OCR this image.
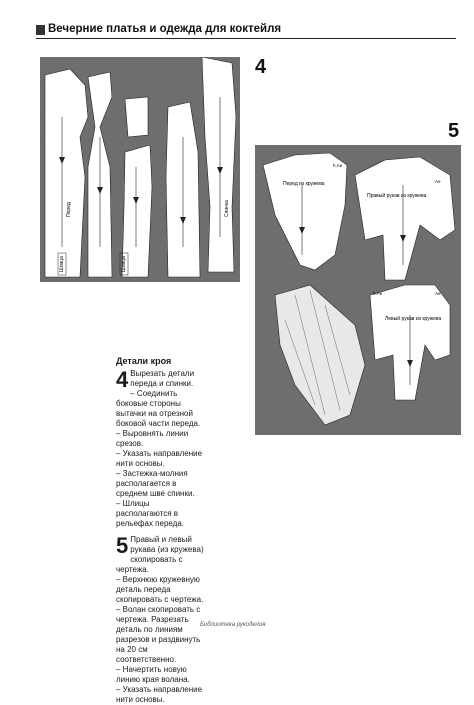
Вечерние платья и одежда для коктейля
4
5
Шлица	Шлица
Перед	Спинка
Перед из кружева
Правый рукав из кружева
Левый рукав из кружева
Ае
Ае
h.Ае
h.Ае
Детали кроя
4 Вырезать детали переда и спинки.

– Соединить боковые стороны вытачки на отрезной боковой части переда.

– Выровнять линии срезов.

– Указать направление нити основы.

– Застежка-молния располагается в среднем шве спинки.

– Шлицы располагаются в рельефах переда.

5 Правый и левый рукава (из кружева) скопировать с чертежа.

– Верхнюю кружевную деталь переда скопировать с чертежа.

– Волан скопировать с чертежа. Разрезать деталь по линиям разрезов и раздвинуть на 20 см соответственно.

– Начертить новую линию края волана.

– Указать направление нити основы.

Библиотека рукоделия
